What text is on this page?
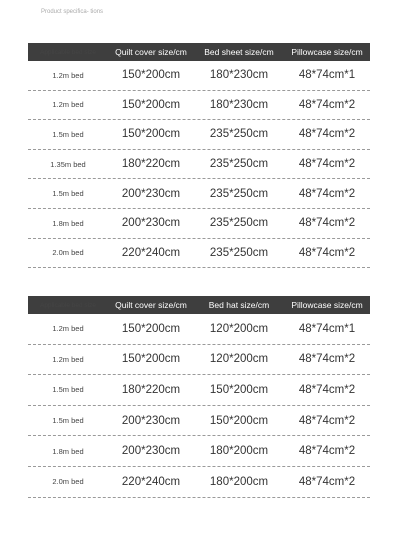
Product specifica- tions
Applicable bed size	Quilt cover size/cm	Bed sheet size/cm	Pillowcase size/cm
1.2m bed	150*200cm	180*230cm	48*74cm*1
1.2m bed	150*200cm	180*230cm	48*74cm*2
1.5m bed	150*200cm	235*250cm	48*74cm*2
1.35m bed	180*220cm	235*250cm	48*74cm*2
1.5m bed	200*230cm	235*250cm	48*74cm*2
1.8m bed	200*230cm	235*250cm	48*74cm*2
2.0m bed	220*240cm	235*250cm	48*74cm*2
Applicable bed size	Quilt cover size/cm	Bed hat size/cm	Pillowcase size/cm
1.2m bed	150*200cm	120*200cm	48*74cm*1
1.2m bed	150*200cm	120*200cm	48*74cm*2
1.5m bed	180*220cm	150*200cm	48*74cm*2
1.5m bed	200*230cm	150*200cm	48*74cm*2
1.8m bed	200*230cm	180*200cm	48*74cm*2
2.0m bed	220*240cm	180*200cm	48*74cm*2
